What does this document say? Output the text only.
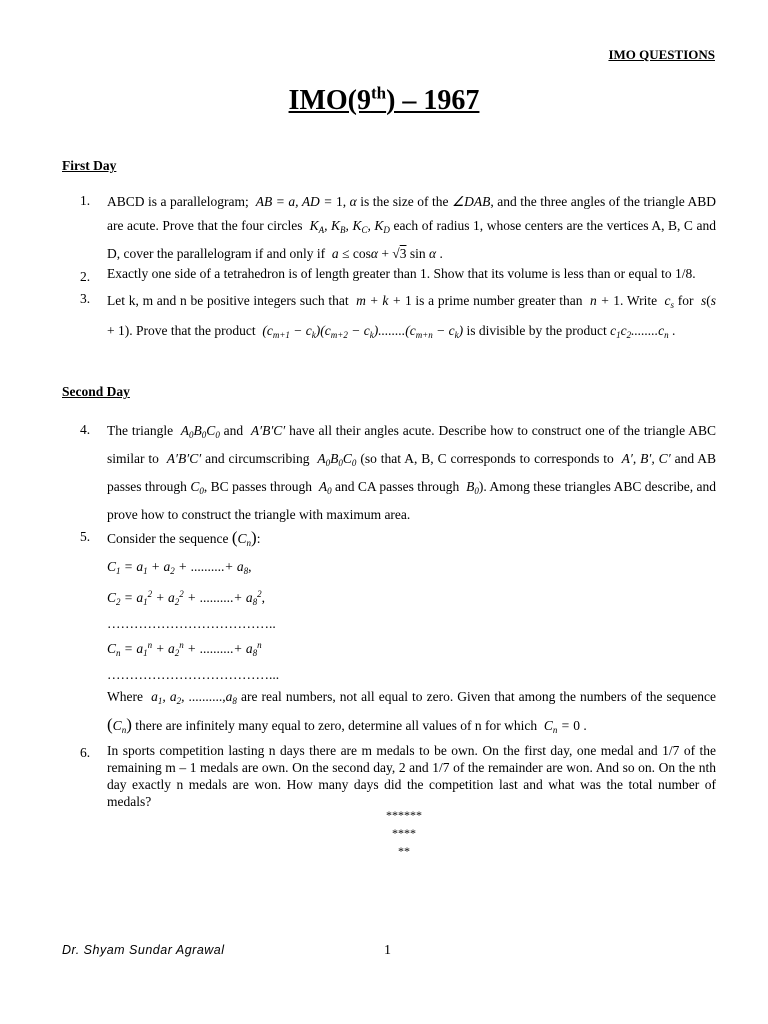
IMO QUESTIONS
IMO(9th) – 1967
First Day
1.	ABCD is a parallelogram;  AB = a, AD = 1, α is the size of the ∠DAB, and the three angles of the triangle ABD are acute. Prove that the four circles  $K_A$, $K_B$, $K_C$, $K_D$ each of radius 1, whose centers are the vertices A, B, C and D, cover the parallelogram if and only if  a ≤ cosα + √3 sin α .
2.	Exactly one side of a tetrahedron is of length greater than 1. Show that its volume is less than or equal to 1/8.
3.	Let k, m and n be positive integers such that  m + k + 1 is a prime number greater than  n + 1. Write  $c_s$ for  s(s + 1). Prove that the product  $(c_{m+1} - c_k)(c_{m+2} - c_k)........(c_{m+n} - c_k)$ is divisible by the product $c_1c_2........c_n$ .
Second Day
4.	The triangle  $A_0B_0C_0$ and  A′B′C′ have all their angles acute. Describe how to construct one of the triangle ABC similar to  A′B′C′ and circumscribing  $A_0B_0C_0$ (so that A, B, C corresponds to corresponds to  A′, B′, C′ and AB passes through $C_0$, BC passes through  $A_0$ and CA passes through  $B_0$). Among these triangles ABC describe, and prove how to construct the triangle with maximum area.
5.	Consider the sequence $(C_n)$:
$C_1 = a_1 + a_2$ + ..........+ $a_8$,
$C_2 = a_1^2 + a_2^2$ + ..........+ $a_8^2$,
………………………………..
$C_n = a_1^n + a_2^n$ + ..........+ $a_8^n$
………………………………...
Where  $a_1$, $a_2$, $..........,a_8$ are real numbers, not all equal to zero. Given that among the numbers of the sequence $(C_n)$ there are infinitely many equal to zero, determine all values of n for which  $C_n = 0$ .
6.	In sports competition lasting n days there are m medals to be own. On the first day, one medal and 1/7 of the remaining m – 1 medals are own. On the second day, 2 and 1/7 of the remainder are won. And so on. On the nth day exactly n medals are won. How many days did the competition last and what was the total number of medals?
******
****
**
Dr. Shyam Sundar Agrawal	1
